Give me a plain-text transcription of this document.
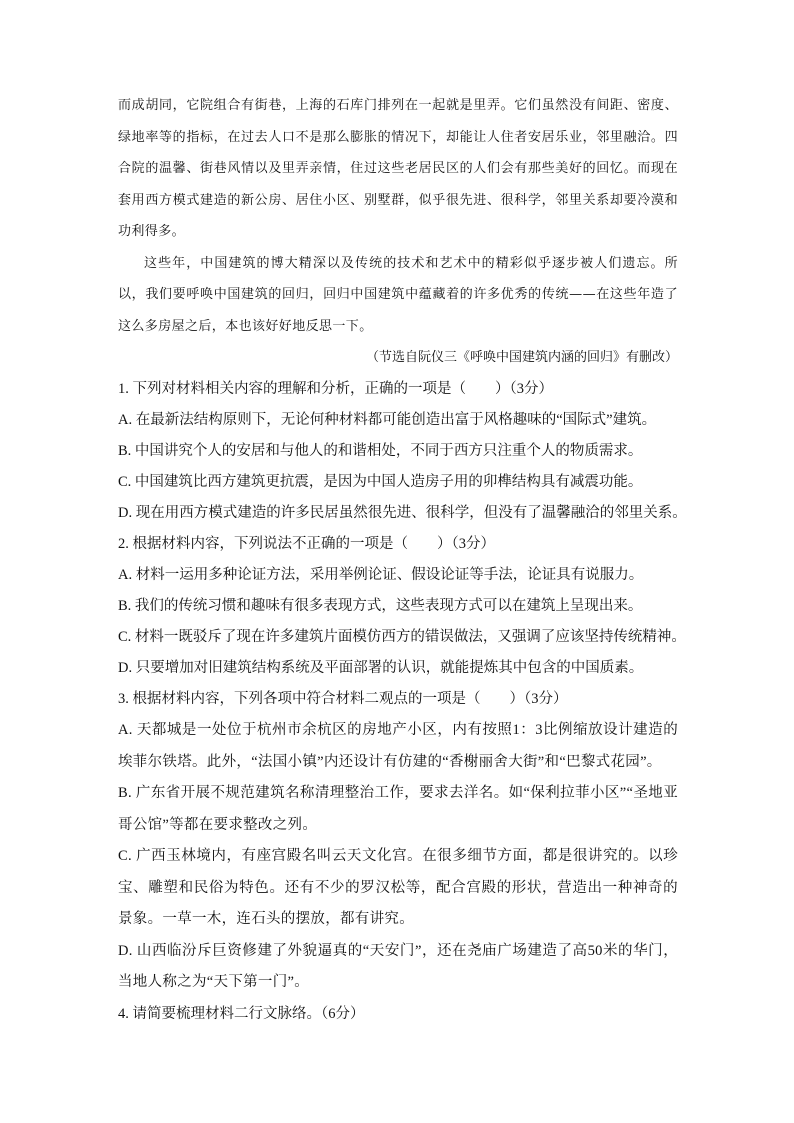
而成胡同，它院组合有街巷，上海的石库门排列在一起就是里弄。它们虽然没有间距、密度、绿地率等的指标，在过去人口不是那么膨胀的情况下，却能让人住者安居乐业，邻里融洽。四合院的温馨、街巷风情以及里弄亲情，住过这些老居民区的人们会有那些美好的回忆。而现在套用西方模式建造的新公房、居住小区、别墅群，似乎很先进、很科学，邻里关系却要冷漠和功利得多。

这些年，中国建筑的博大精深以及传统的技术和艺术中的精彩似乎逐步被人们遗忘。所以，我们要呼唤中国建筑的回归，回归中国建筑中蕴藏着的许多优秀的传统——在这些年造了这么多房屋之后，本也该好好地反思一下。

（节选自阮仪三《呼唤中国建筑内涵的回归》有删改）

1. 下列对材料相关内容的理解和分析，正确的一项是（　　）（3分）

A. 在最新法结构原则下，无论何种材料都可能创造出富于风格趣味的“国际式”建筑。

B. 中国讲究个人的安居和与他人的和谐相处，不同于西方只注重个人的物质需求。

C. 中国建筑比西方建筑更抗震，是因为中国人造房子用的卯榫结构具有减震功能。

D. 现在用西方模式建造的许多民居虽然很先进、很科学，但没有了温馨融洽的邻里关系。

2. 根据材料内容，下列说法不正确的一项是（　　）（3分）

A. 材料一运用多种论证方法，采用举例论证、假设论证等手法，论证具有说服力。

B. 我们的传统习惯和趣味有很多表现方式，这些表现方式可以在建筑上呈现出来。

C. 材料一既驳斥了现在许多建筑片面模仿西方的错误做法，又强调了应该坚持传统精神。

D. 只要增加对旧建筑结构系统及平面部署的认识，就能提炼其中包含的中国质素。

3. 根据材料内容，下列各项中符合材料二观点的一项是（　　）（3分）

A. 天都城是一处位于杭州市余杭区的房地产小区，内有按照1：3比例缩放设计建造的埃菲尔铁塔。此外，“法国小镇”内还设计有仿建的“香榭丽舍大街”和“巴黎式花园”。

B. 广东省开展不规范建筑名称清理整治工作，要求去洋名。如“保利拉菲小区”“圣地亚哥公馆”等都在要求整改之列。

C. 广西玉林境内，有座宫殿名叫云天文化宫。在很多细节方面，都是很讲究的。以珍宝、雕塑和民俗为特色。还有不少的罗汉松等，配合宫殿的形状，营造出一种神奇的景象。一草一木，连石头的摆放，都有讲究。

D. 山西临汾斥巨资修建了外貌逼真的“天安门”，还在尧庙广场建造了高50米的华门，当地人称之为“天下第一门”。

4. 请简要梳理材料二行文脉络。（6分）
